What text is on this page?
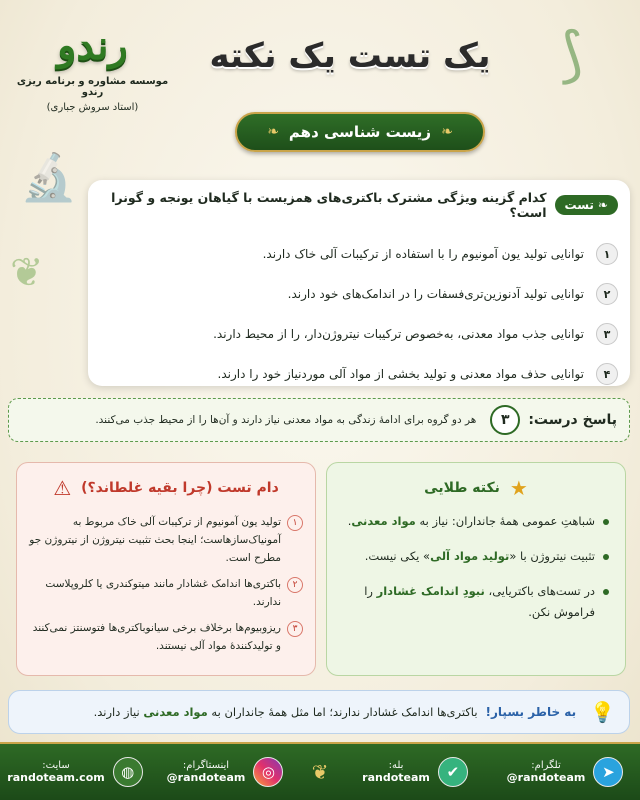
⟆
🔬
❦
رندو
موسسه مشاوره و برنامه ریزی رندو
(استاد سروش جباری)
یک تست یک نکته
❧
زیست شناسی دهم
❧
❧
تست
کدام گزینه ویژگی مشترک باکتری‌های همزیست با گیاهان یونجه و گونرا است؟
۱
توانایی تولید یون آمونیوم را با استفاده از ترکیبات آلی خاک دارند.
۲
توانایی تولید آدنوزین‌تری‌فسفات را در اندامک‌های خود دارند.
۳
توانایی جذب مواد معدنی، به‌خصوص ترکیبات نیتروژن‌دار، را از محیط دارند.
۴
توانایی حذف مواد معدنی و تولید بخشی از مواد آلی موردنیاز خود را دارند.
پاسخ درست:
۳
هر دو گروه برای ادامهٔ زندگی به مواد معدنی نیاز دارند و آن‌ها را از محیط جذب می‌کنند.
★
نکته طلایی
شباهتِ عمومی همهٔ جانداران: نیاز به مواد معدنی.
تثبیت نیتروژن با «تولید مواد آلی» یکی نیست.
در تست‌های باکتریایی، نبودِ اندامک غشادار را فراموش نکن.
دام تست (چرا بقیه غلطاند؟)
⚠
۱
تولید یون آمونیوم از ترکیبات آلی خاک مربوط به آمونیاک‌سازهاست؛ اینجا بحث تثبیت نیتروژن از نیتروژن جو مطرح است.
۲
باکتری‌ها اندامک غشادار مانند میتوکندری یا کلروپلاست ندارند.
۳
ریزوبیوم‌ها برخلاف برخی سیانوباکتری‌ها فتوسنتز نمی‌کنند و تولیدکنندهٔ مواد آلی نیستند.
💡
به خاطر بسپار!
باکتری‌ها اندامک غشادار ندارند؛ اما مثل همهٔ جانداران به مواد معدنی نیاز دارند.
➤
تلگرام:
@randoteam
✔
بله:
randoteam
❦
◎
اینستاگرام:
@randoteam
◍
سایت:
randoteam.com
